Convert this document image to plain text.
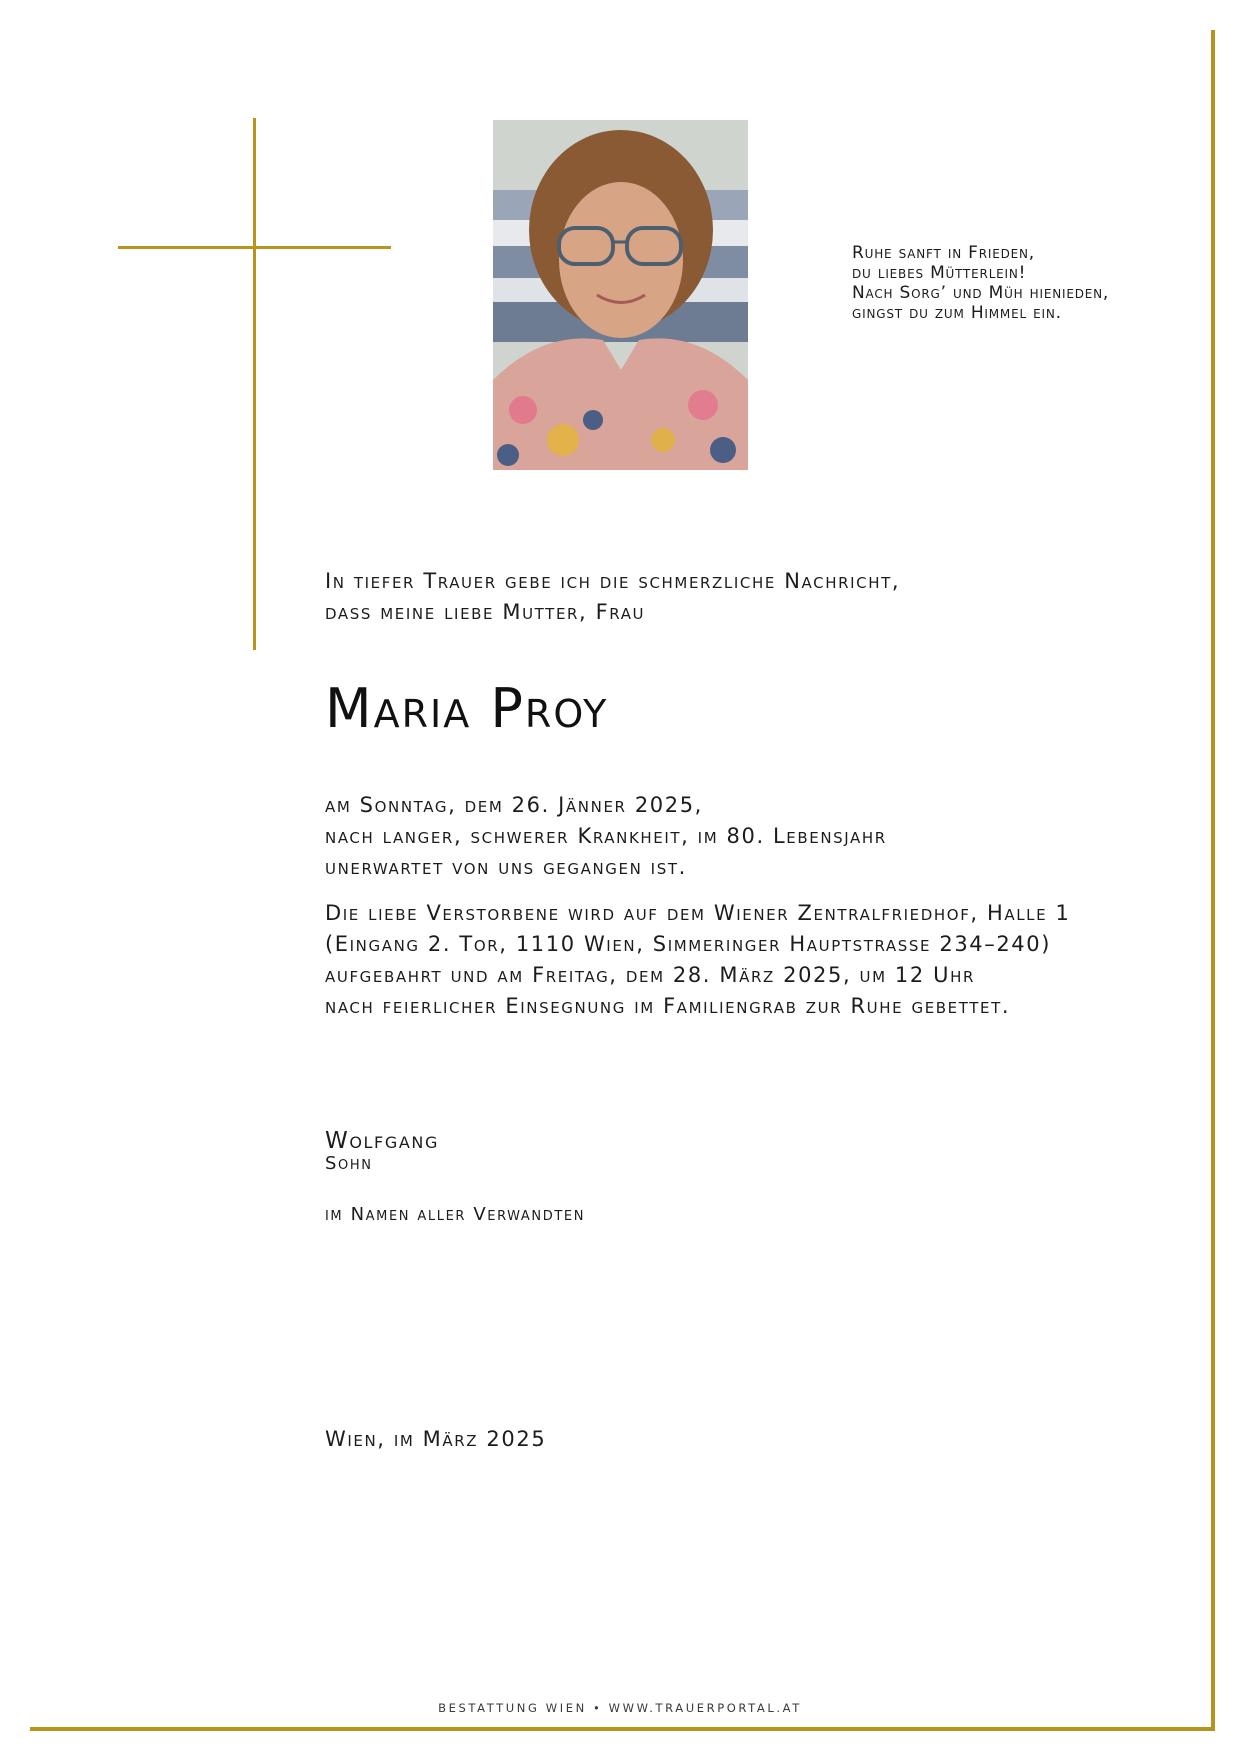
Ruhe sanft in Frieden,
du liebes Mütterlein!
Nach Sorg’ und Müh hienieden,
gingst du zum Himmel ein.
In tiefer Trauer gebe ich die schmerzliche Nachricht,
dass meine liebe Mutter, Frau
Maria Proy
am Sonntag, dem 26. Jänner 2025,
nach langer, schwerer Krankheit, im 80. Lebensjahr
unerwartet von uns gegangen ist.
Die liebe Verstorbene wird auf dem Wiener Zentralfriedhof, Halle 1
(Eingang 2. Tor, 1110 Wien, Simmeringer Hauptstrasse 234–240)
aufgebahrt und am Freitag, dem 28. März 2025, um 12 Uhr
nach feierlicher Einsegnung im Familiengrab zur Ruhe gebettet.
Wolfgang
Sohn
im Namen aller Verwandten
Wien, im März 2025
BESTATTUNG WIEN • WWW.TRAUERPORTAL.AT
